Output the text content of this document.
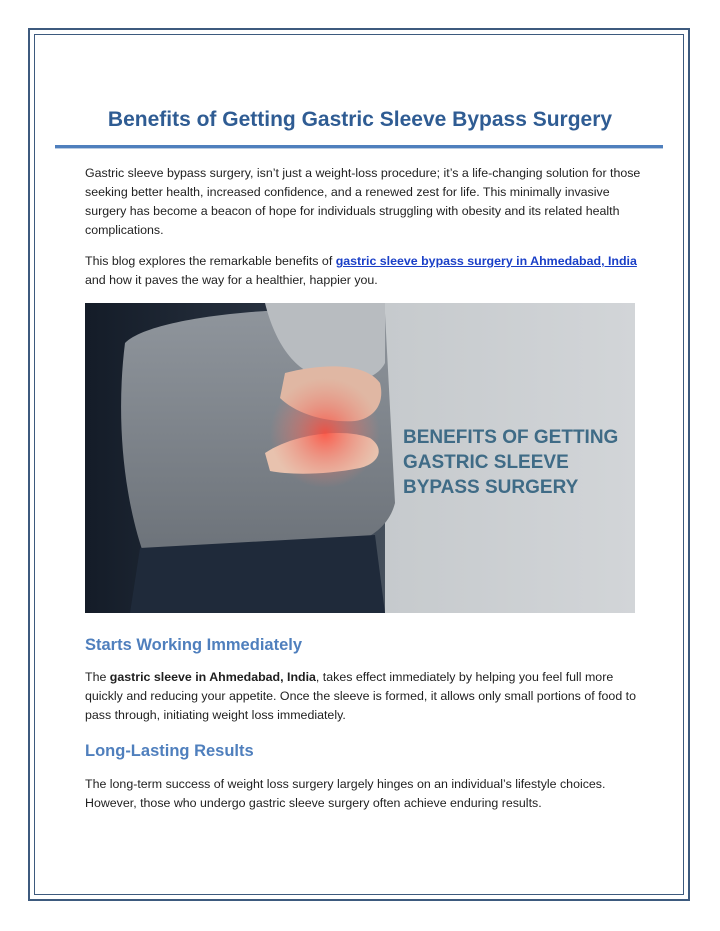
Benefits of Getting Gastric Sleeve Bypass Surgery

Gastric sleeve bypass surgery, isn’t just a weight-loss procedure; it’s a life-changing solution for those seeking better health, increased confidence, and a renewed zest for life. This minimally invasive surgery has become a beacon of hope for individuals struggling with obesity and its related health complications.

This blog explores the remarkable benefits of gastric sleeve bypass surgery in Ahmedabad, India and how it paves the way for a healthier, happier you.

BENEFITS OF GETTING
GASTRIC SLEEVE
BYPASS SURGERY
Starts Working Immediately

The gastric sleeve in Ahmedabad, India, takes effect immediately by helping you feel full more quickly and reducing your appetite. Once the sleeve is formed, it allows only small portions of food to pass through, initiating weight loss immediately.

Long-Lasting Results

The long-term success of weight loss surgery largely hinges on an individual’s lifestyle choices. However, those who undergo gastric sleeve surgery often achieve enduring results.
